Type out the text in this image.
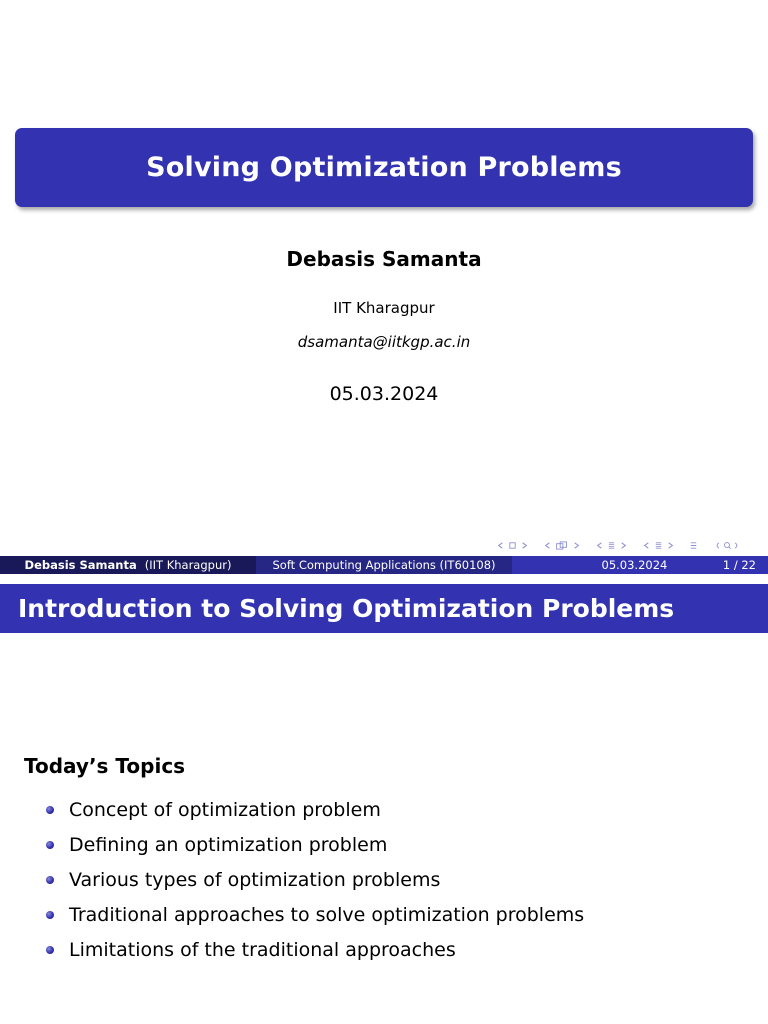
Solving Optimization Problems
Debasis Samanta
IIT Kharagpur
dsamanta@iitkgp.ac.in
05.03.2024
Debasis Samanta (IIT Kharagpur)	Soft Computing Applications (IT60108)	05.03.2024	1 / 22
Introduction to Solving Optimization Problems
Today’s Topics
Concept of optimization problem
Defining an optimization problem
Various types of optimization problems
Traditional approaches to solve optimization problems
Limitations of the traditional approaches
